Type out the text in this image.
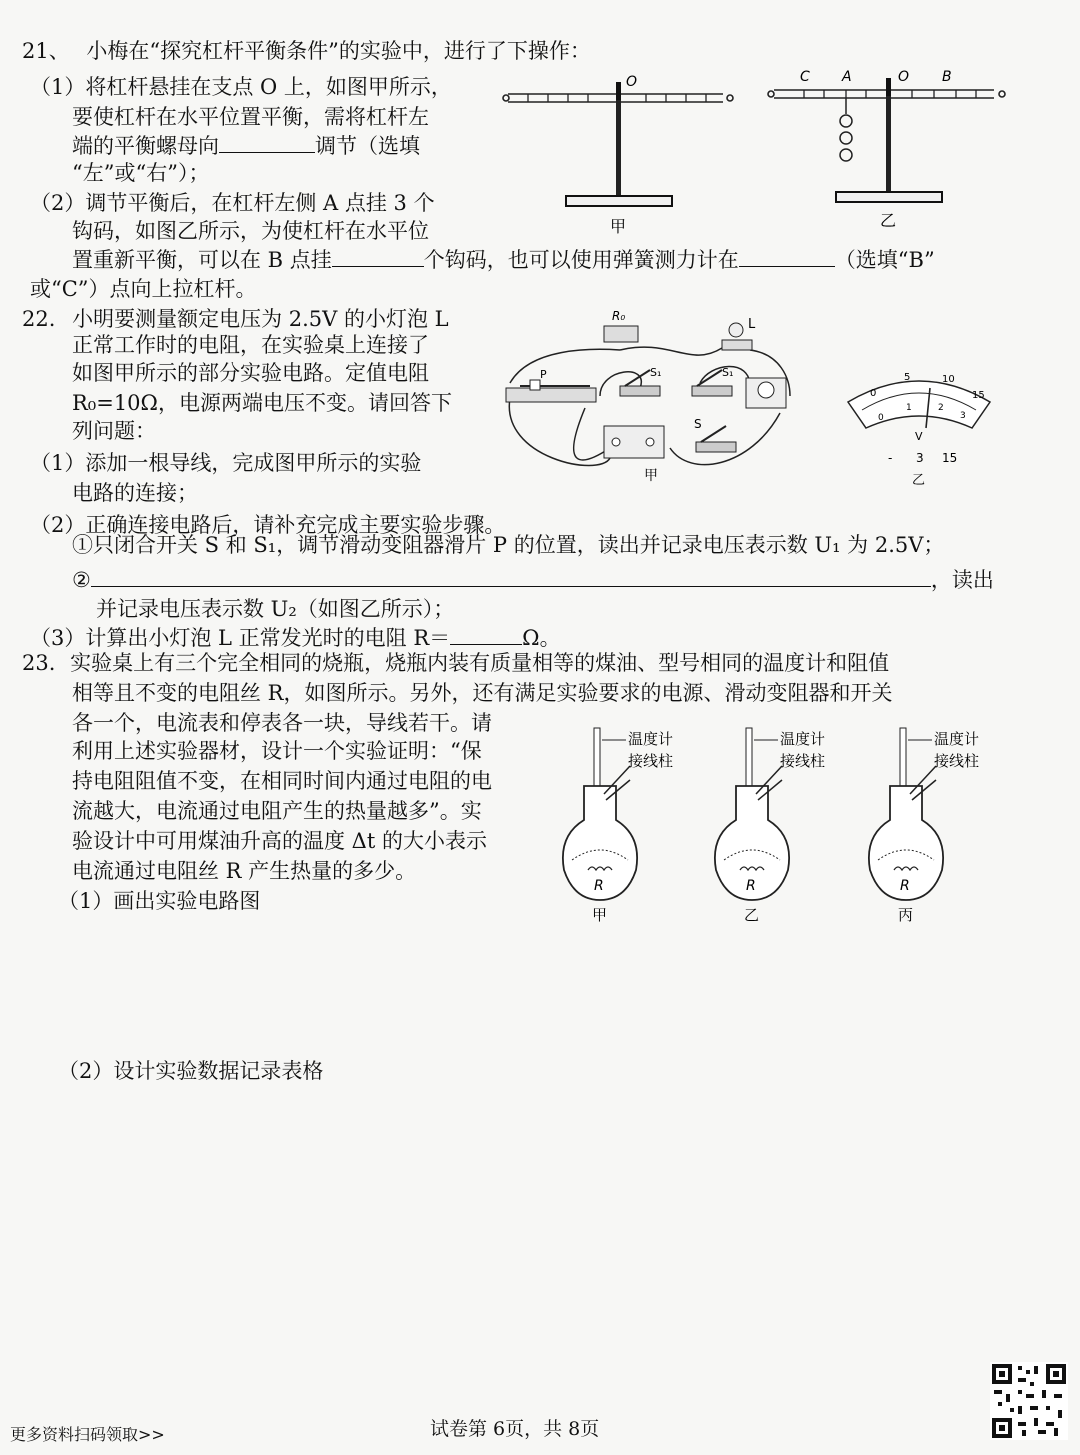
21、 小梅在“探究杠杆平衡条件”的实验中，进行了下操作：
（1）将杠杆悬挂在支点 O 上，如图甲所示，
要使杠杆在水平位置平衡，需将杠杆左
端的平衡螺母向	调节（选填
“左”或“右”）；
（2）调节平衡后，在杠杆左侧 A 点挂 3 个
钩码，如图乙所示，为使杠杆在水平位
置重新平衡，可以在 B 点挂	个钩码，也可以使用弹簧测力计在	（选填“B”
或“C”）点向上拉杠杆。
O
甲
C A	O B
乙
22. 小明要测量额定电压为 2.5V 的小灯泡 L
正常工作时的电阻，在实验桌上连接了
如图甲所示的部分实验电路。定值电阻
R₀=10Ω，电源两端电压不变。请回答下
列问题：
（1）添加一根导线，完成图甲所示的实验
电路的连接；
（2）正确连接电路后，请补充完成主要实验步骤。
①只闭合开关 S 和 S₁，调节滑动变阻器滑片 P 的位置，读出并记录电压表示数 U₁ 为 2.5V；
②	，读出
并记录电压表示数 U₂（如图乙所示）；
（3）计算出小灯泡 L 正常发光时的电阻 R＝	Ω。
R₀
L
S₁	S₁
S
P
甲
0
5	10
15
0
1	2
3
V
- 3 15
乙
23. 实验桌上有三个完全相同的烧瓶，烧瓶内装有质量相等的煤油、型号相同的温度计和阻值
相等且不变的电阻丝 R，如图所示。另外，还有满足实验要求的电源、滑动变阻器和开关
各一个，电流表和停表各一块，导线若干。请
利用上述实验器材，设计一个实验证明：“保
持电阻阻值不变，在相同时间内通过电阻的电
流越大，电流通过电阻产生的热量越多”。实
验设计中可用煤油升高的温度 Δt 的大小表示
电流通过电阻丝 R 产生热量的多少。
（1）画出实验电路图
（2）设计实验数据记录表格
温度计
接线柱
R
甲
温度计
接线柱
R
乙
温度计
接线柱
R
丙
更多资料扫码领取>>	试卷第 6页，共 8页
